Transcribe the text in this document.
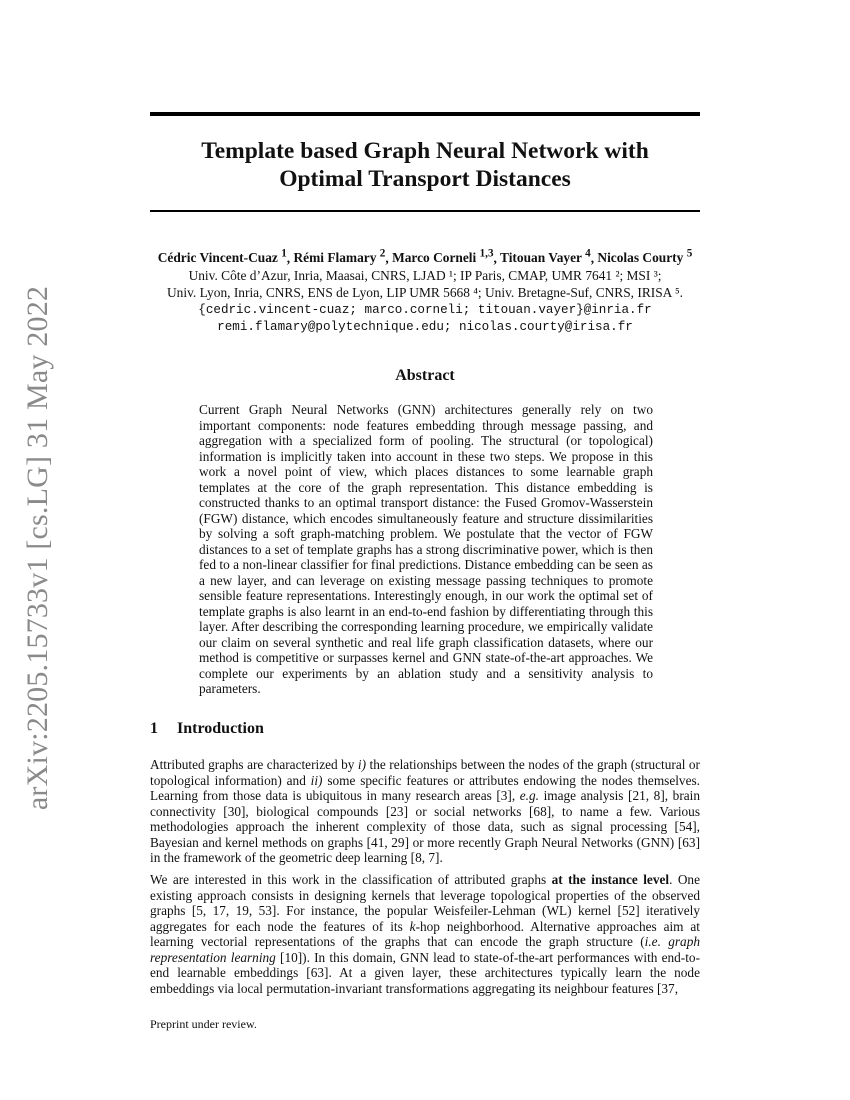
arXiv:2205.15733v1 [cs.LG] 31 May 2022
Template based Graph Neural Network with
Optimal Transport Distances
Cédric Vincent-Cuaz $^1$, Rémi Flamary $^2$, Marco Corneli $^{1,3}$, Titouan Vayer $^4$, Nicolas Courty $^5$
Univ. Côte d’Azur, Inria, Maasai, CNRS, LJAD ¹; IP Paris, CMAP, UMR 7641 ²; MSI ³;
Univ. Lyon, Inria, CNRS, ENS de Lyon, LIP UMR 5668 ⁴; Univ. Bretagne-Suf, CNRS, IRISA ⁵.
{cedric.vincent-cuaz; marco.corneli; titouan.vayer}@inria.fr
remi.flamary@polytechnique.edu; nicolas.courty@irisa.fr
Abstract

Current Graph Neural Networks (GNN) architectures generally rely on two important components: node features embedding through message passing, and aggregation with a specialized form of pooling. The structural (or topological) information is implicitly taken into account in these two steps. We propose in this work a novel point of view, which places distances to some learnable graph templates at the core of the graph representation. This distance embedding is constructed thanks to an optimal transport distance: the Fused Gromov-Wasserstein (FGW) distance, which encodes simultaneously feature and structure dissimilarities by solving a soft graph-matching problem. We postulate that the vector of FGW distances to a set of template graphs has a strong discriminative power, which is then fed to a non-linear classifier for final predictions. Distance embedding can be seen as a new layer, and can leverage on existing message passing techniques to promote sensible feature representations. Interestingly enough, in our work the optimal set of template graphs is also learnt in an end-to-end fashion by differentiating through this layer. After describing the corresponding learning procedure, we empirically validate our claim on several synthetic and real life graph classification datasets, where our method is competitive or surpasses kernel and GNN state-of-the-art approaches. We complete our experiments by an ablation study and a sensitivity analysis to parameters.

1 Introduction

Attributed graphs are characterized by i) the relationships between the nodes of the graph (structural or topological information) and ii) some specific features or attributes endowing the nodes themselves. Learning from those data is ubiquitous in many research areas [3], e.g. image analysis [21, 8], brain connectivity [30], biological compounds [23] or social networks [68], to name a few. Various methodologies approach the inherent complexity of those data, such as signal processing [54], Bayesian and kernel methods on graphs [41, 29] or more recently Graph Neural Networks (GNN) [63] in the framework of the geometric deep learning [8, 7].

We are interested in this work in the classification of attributed graphs at the instance level. One existing approach consists in designing kernels that leverage topological properties of the observed graphs [5, 17, 19, 53]. For instance, the popular Weisfeiler-Lehman (WL) kernel [52] iteratively aggregates for each node the features of its k-hop neighborhood. Alternative approaches aim at learning vectorial representations of the graphs that can encode the graph structure (i.e. graph representation learning [10]). In this domain, GNN lead to state-of-the-art performances with end-to-end learnable embeddings [63]. At a given layer, these architectures typically learn the node embeddings via local permutation-invariant transformations aggregating its neighbour features [37,

Preprint under review.
